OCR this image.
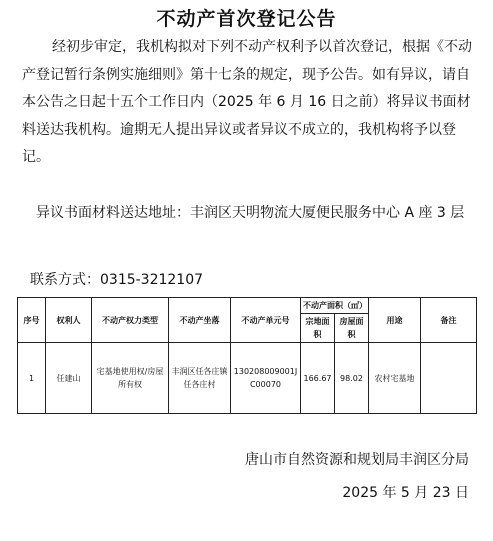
不动产首次登记公告
经初步审定，我机构拟对下列不动产权利予以首次登记，根据《不动产登记暂行条例实施细则》第十七条的规定，现予公告。如有异议，请自本公告之日起十五个工作日内（2025 年 6 月 16 日之前）将异议书面材料送达我机构。逾期无人提出异议或者异议不成立的，我机构将予以登记。
异议书面材料送达地址：丰润区天明物流大厦便民服务中心 A 座 3 层
联系方式：0315-3212107
序号	权利人	不动产权力类型	不动产坐落	不动产单元号	不动产面积（㎡）		用途	备注
					宗地面积	房屋面积		
1	任建山	宅基地使用权/房屋所有权	丰润区任各庄镇任各庄村	130208009001JC00070	166.67	98.02	农村宅基地	
唐山市自然资源和规划局丰润区分局
2025 年 5 月 23 日
